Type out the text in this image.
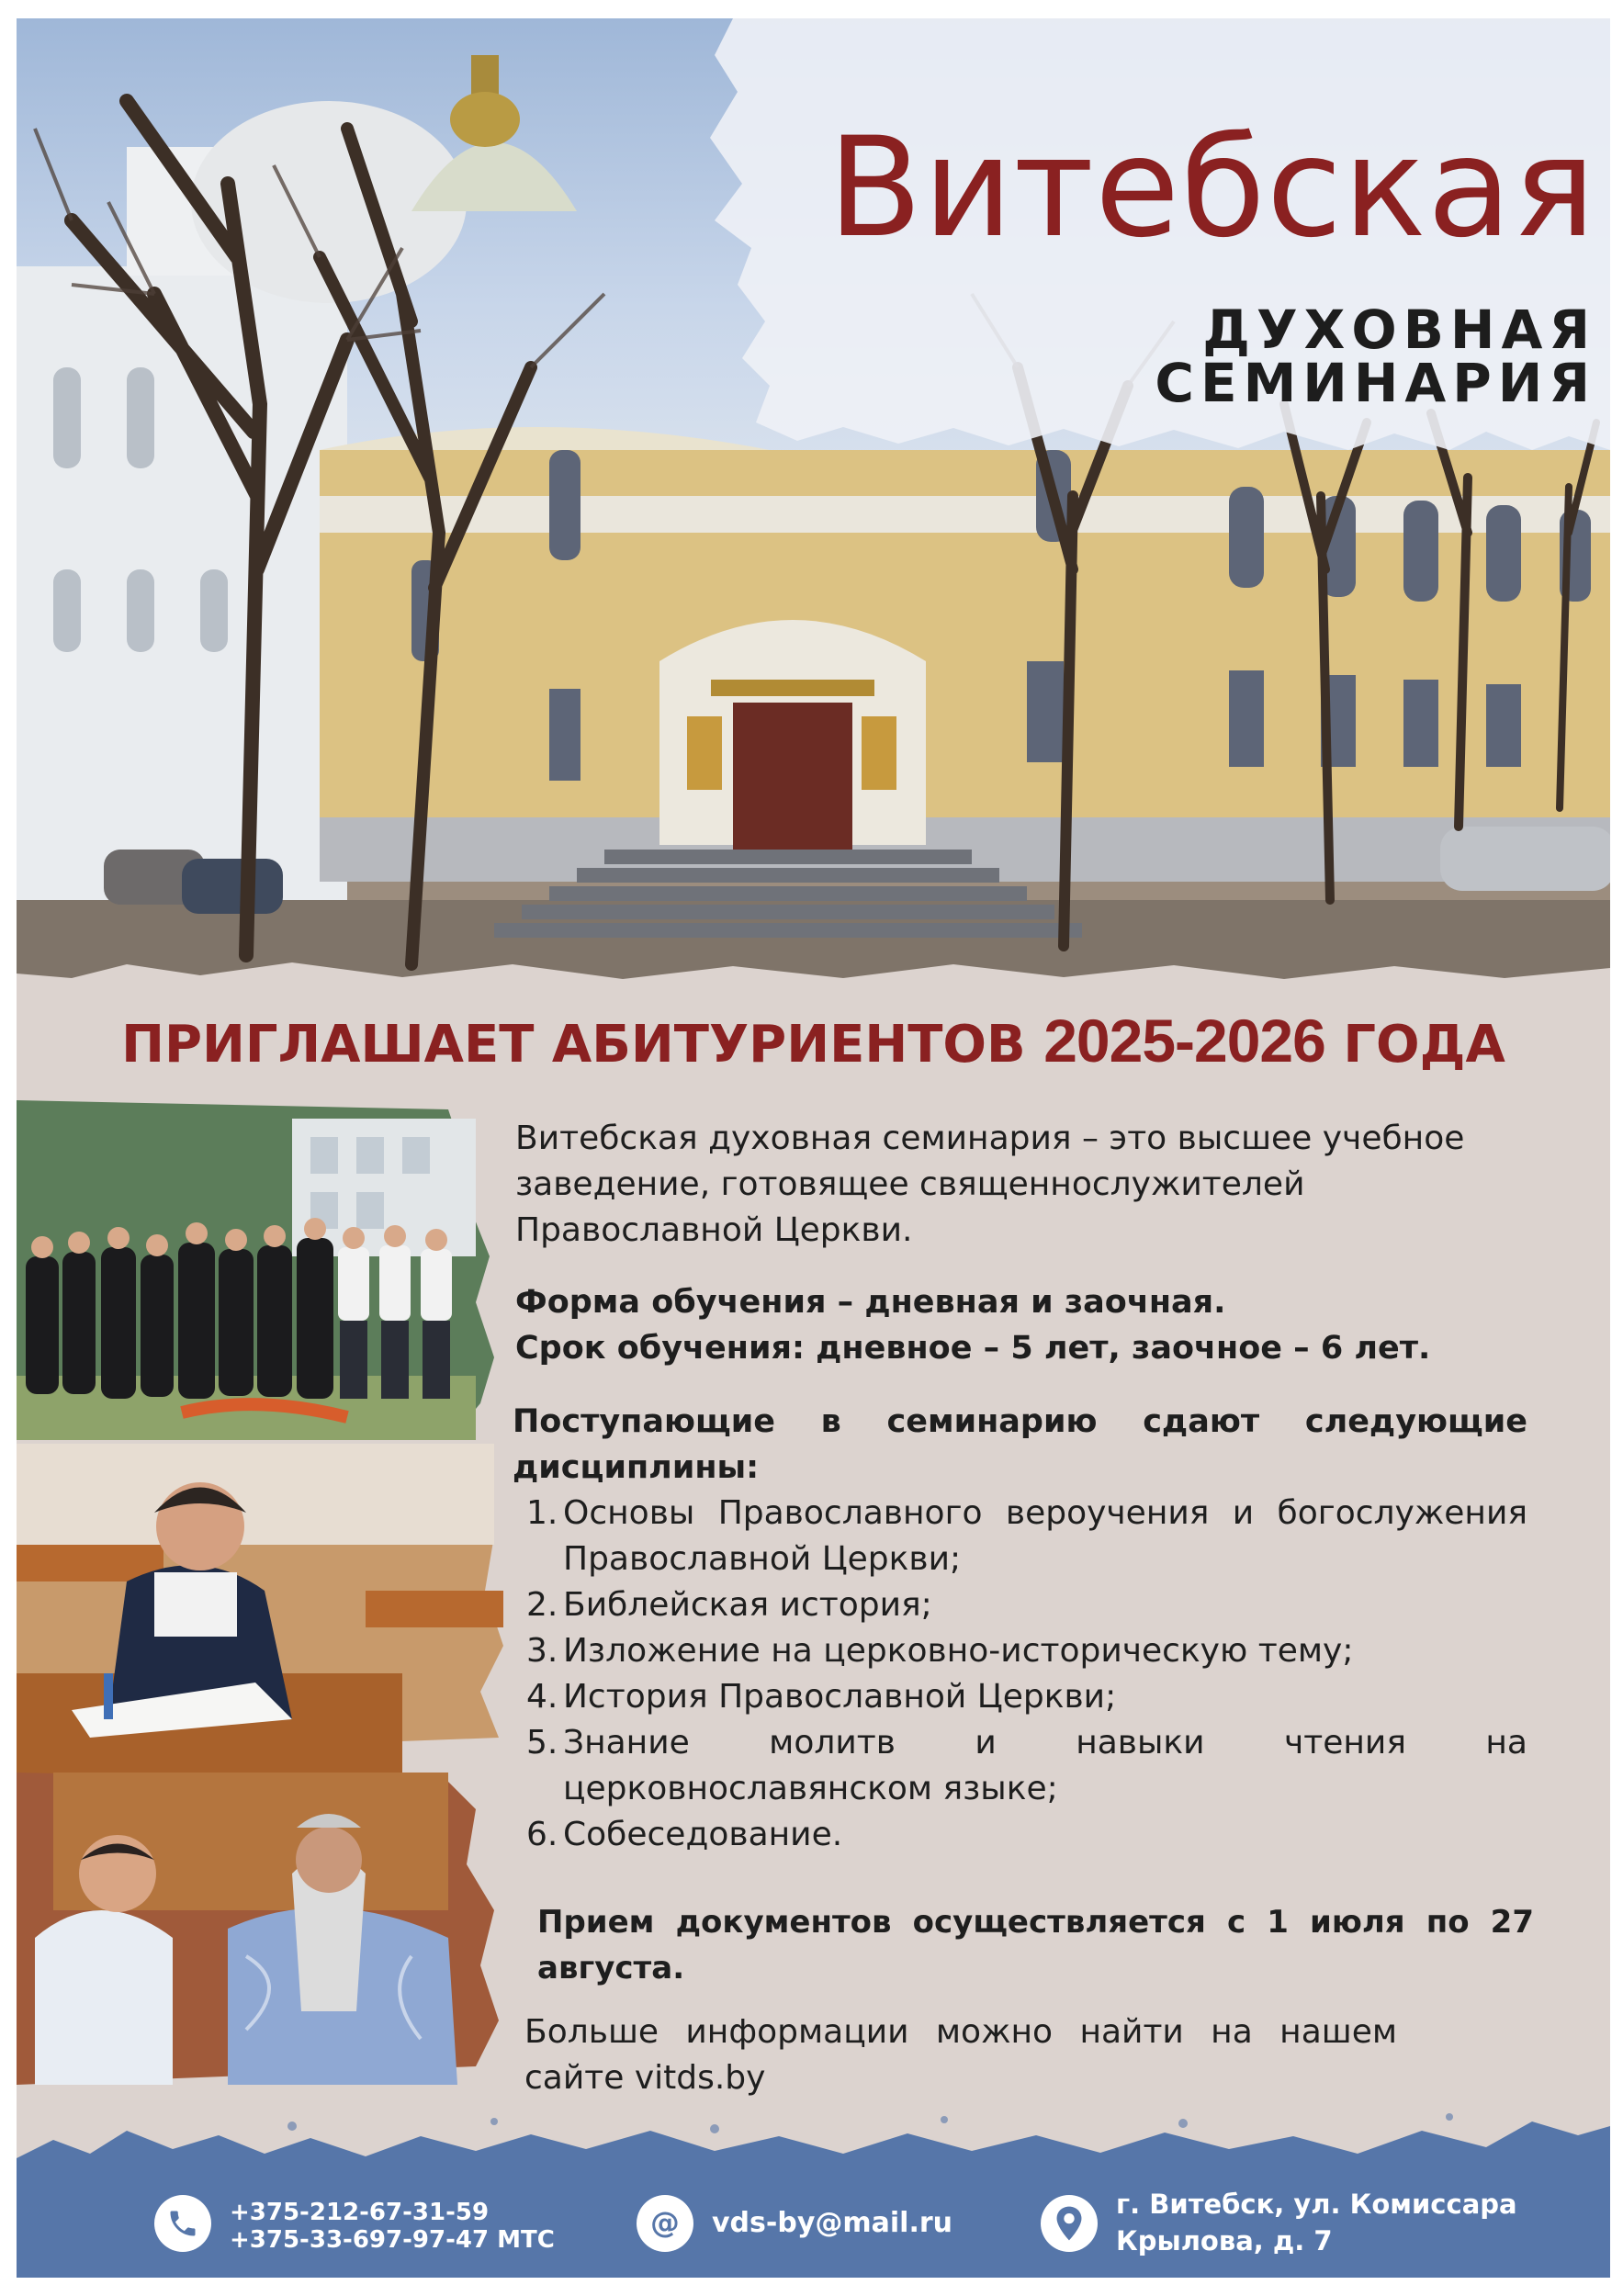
Витебская
ДУХОВНАЯ СЕМИНАРИЯ
ПРИГЛАШАЕТ АБИТУРИЕНТОВ 2025-2026 ГОДА
Витебская духовная семинария – это высшее учебное заведение, готовящее священнослужителей Православной Церкви.
Форма обучения – дневная и заочная.
Срок обучения: дневное – 5 лет, заочное – 6 лет.
Поступающие в семинарию сдают следующие дисциплины:
1. Основы Православного вероучения и богослужения Православной Церкви;
2. Библейская история;
3. Изложение на церковно-историческую тему;
4. История Православной Церкви;
5. Знание молитв и навыки чтения на церковнославянском языке;
6. Собеседование.
Прием документов осуществляется с 1 июля по 27 августа.
Больше информации можно найти на нашем сайте vitds.by
+375-212-67-31-59
+375-33-697-97-47 МТС	@ vds-by@mail.ru
г. Витебск, ул. Комиссара
Крылова, д. 7
